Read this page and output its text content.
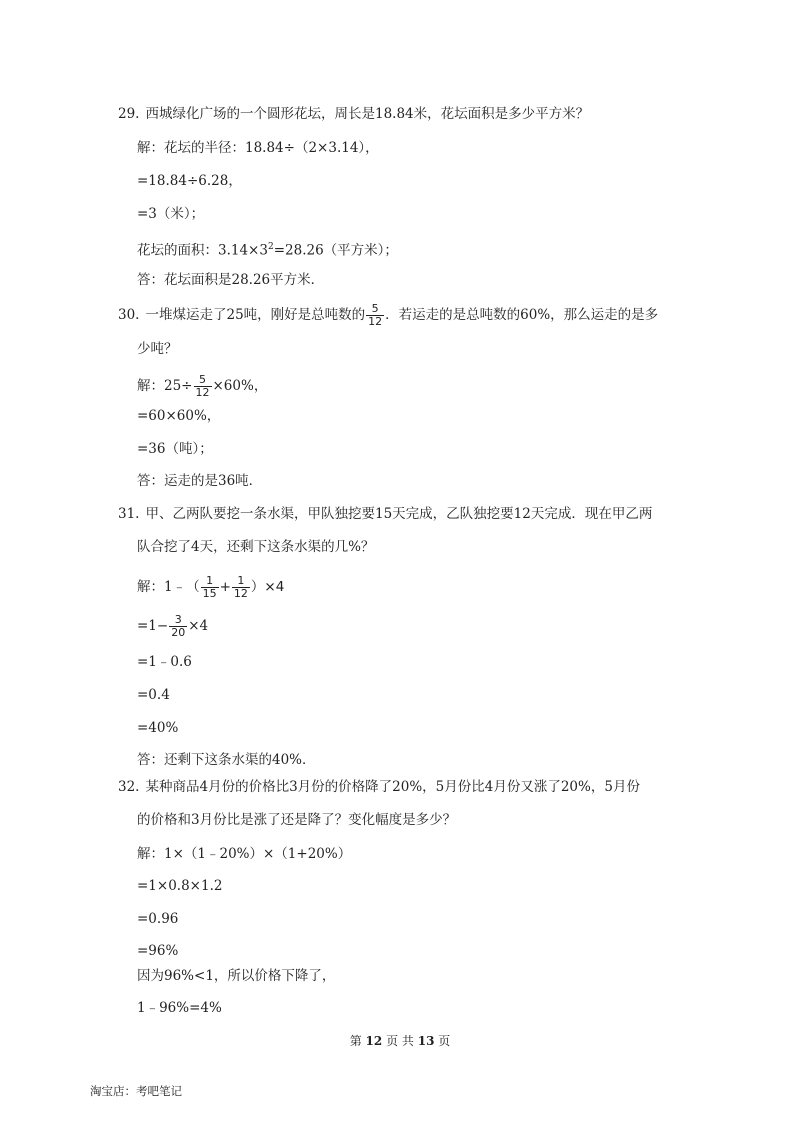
29. 西城绿化广场的一个圆形花坛，周长是18.84米，花坛面积是多少平方米？
解：花坛的半径：18.84÷（2×3.14），
=18.84÷6.28，
=3（米）；
花坛的面积：$3.14\times 3^2=28.26$（平方米）；
答：花坛面积是28.26平方米．
30. 一堆煤运走了25吨，刚好是总吨数的 $\frac{5}{12}$ ．若运走的是总吨数的60%，那么运走的是多
少吨？
解：$25\div \frac{5}{12} \times 60\%$，
=60×60%，
=36（吨）；
答：运走的是36吨．
31. 甲、乙两队要挖一条水渠，甲队独挖要15天完成，乙队独挖要12天完成．现在甲乙两
队合挖了4天，还剩下这条水渠的几%？
解：1﹣（ $\frac{1}{15} + \frac{1}{12} )\times 4$
$=1- \frac{3}{20} \times 4$
=1﹣0.6
=0.4
=40%
答：还剩下这条水渠的40%．
32. 某种商品4月份的价格比3月份的价格降了20%，5月份比4月份又涨了20%，5月份
的价格和3月份比是涨了还是降了？变化幅度是多少？
解：1×（1﹣20%）×（1+20%）
=1×0.8×1.2
=0.96
=96%
因为96%<1，所以价格下降了，
1﹣96%=4%
第 12 页 共 13 页
淘宝店：考吧笔记
